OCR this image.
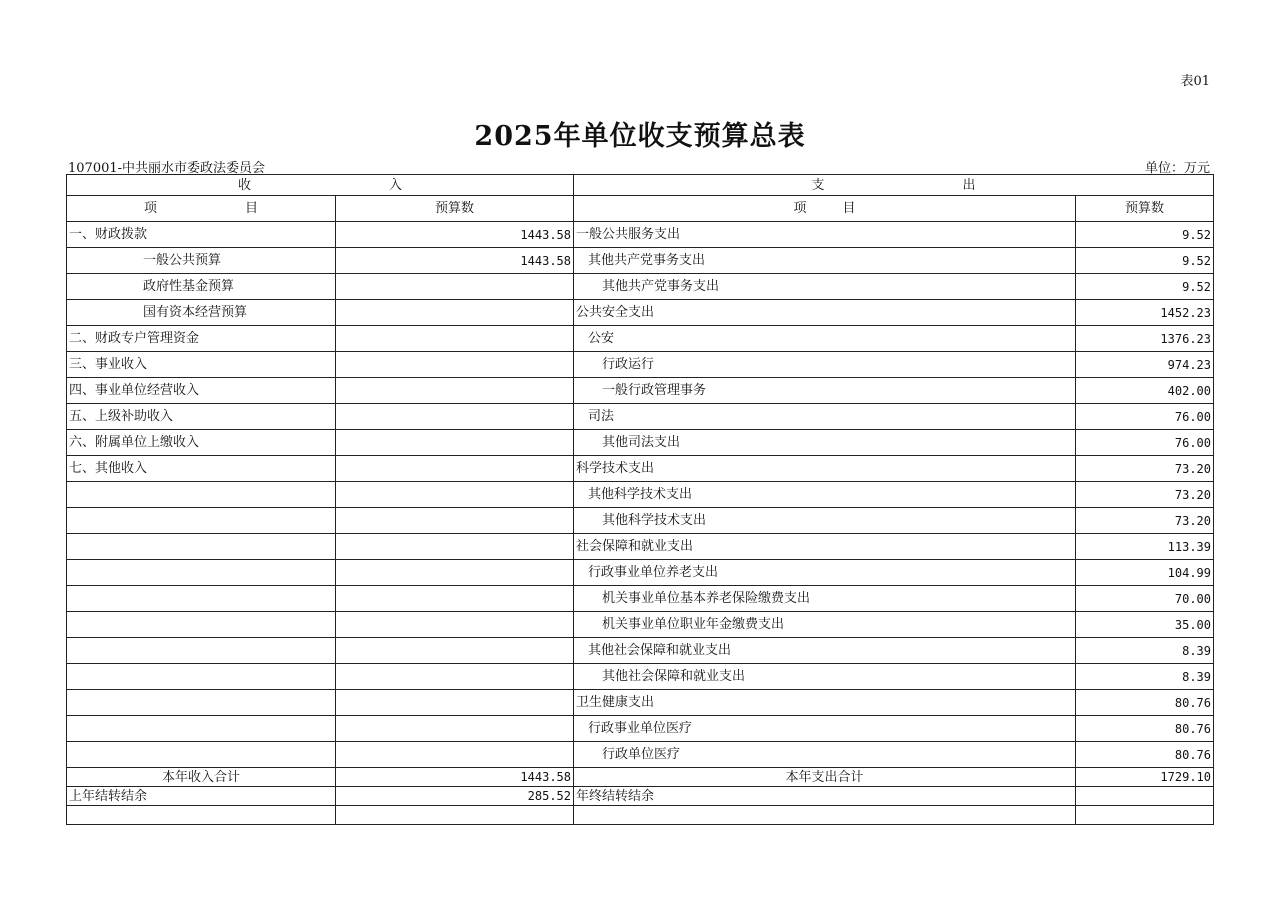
表01
2025年单位收支预算总表
107001-中共丽水市委政法委员会	单位：万元
收 入		支 出	
项 目	预算数	项 目	预算数
一、财政拨款	1443.58	一般公共服务支出	9.52
一般公共预算	1443.58	其他共产党事务支出	9.52
政府性基金预算		其他共产党事务支出	9.52
国有资本经营预算		公共安全支出	1452.23
二、财政专户管理资金		公安	1376.23
三、事业收入		行政运行	974.23
四、事业单位经营收入		一般行政管理事务	402.00
五、上级补助收入		司法	76.00
六、附属单位上缴收入		其他司法支出	76.00
七、其他收入		科学技术支出	73.20
		其他科学技术支出	73.20
		其他科学技术支出	73.20
		社会保障和就业支出	113.39
		行政事业单位养老支出	104.99
		机关事业单位基本养老保险缴费支出	70.00
		机关事业单位职业年金缴费支出	35.00
		其他社会保障和就业支出	8.39
		其他社会保障和就业支出	8.39
		卫生健康支出	80.76
		行政事业单位医疗	80.76
		行政单位医疗	80.76
本年收入合计	1443.58	本年支出合计	1729.10
上年结转结余	285.52	年终结转结余	
